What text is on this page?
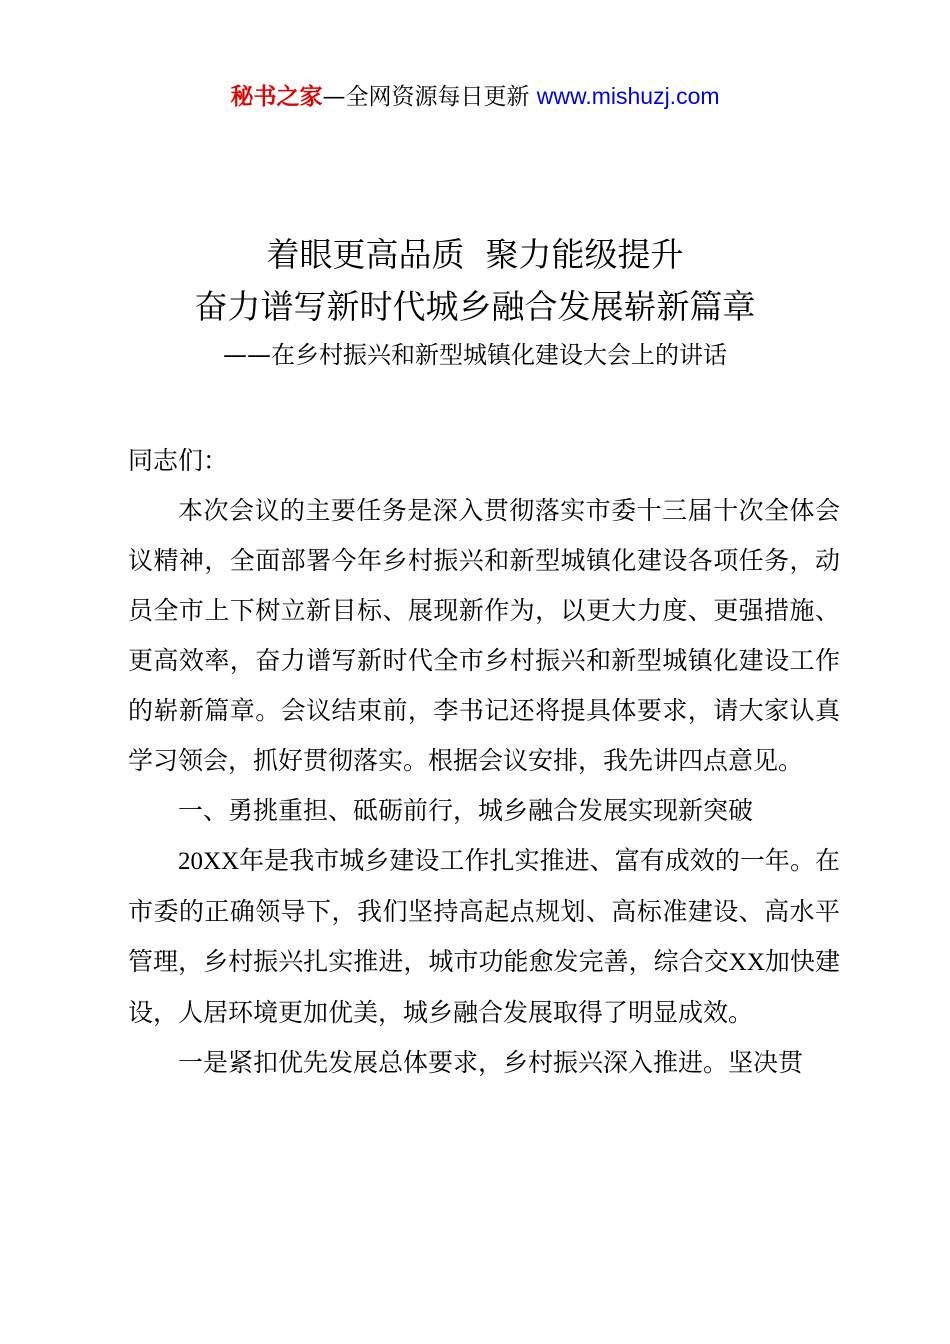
秘书之家—全网资源每日更新 www.mishuzj.com
着眼更高品质  聚力能级提升
奋力谱写新时代城乡融合发展崭新篇章
——在乡村振兴和新型城镇化建设大会上的讲话

同志们：

本次会议的主要任务是深入贯彻落实市委十三届十次全体会议精神，全面部署今年乡村振兴和新型城镇化建设各项任务，动员全市上下树立新目标、展现新作为，以更大力度、更强措施、更高效率，奋力谱写新时代全市乡村振兴和新型城镇化建设工作的崭新篇章。会议结束前，李书记还将提具体要求，请大家认真学习领会，抓好贯彻落实。根据会议安排，我先讲四点意见。

一、勇挑重担、砥砺前行，城乡融合发展实现新突破

20XX年是我市城乡建设工作扎实推进、富有成效的一年。在市委的正确领导下，我们坚持高起点规划、高标准建设、高水平管理，乡村振兴扎实推进，城市功能愈发完善，综合交XX加快建设，人居环境更加优美，城乡融合发展取得了明显成效。

一是紧扣优先发展总体要求，乡村振兴深入推进。坚决贯
